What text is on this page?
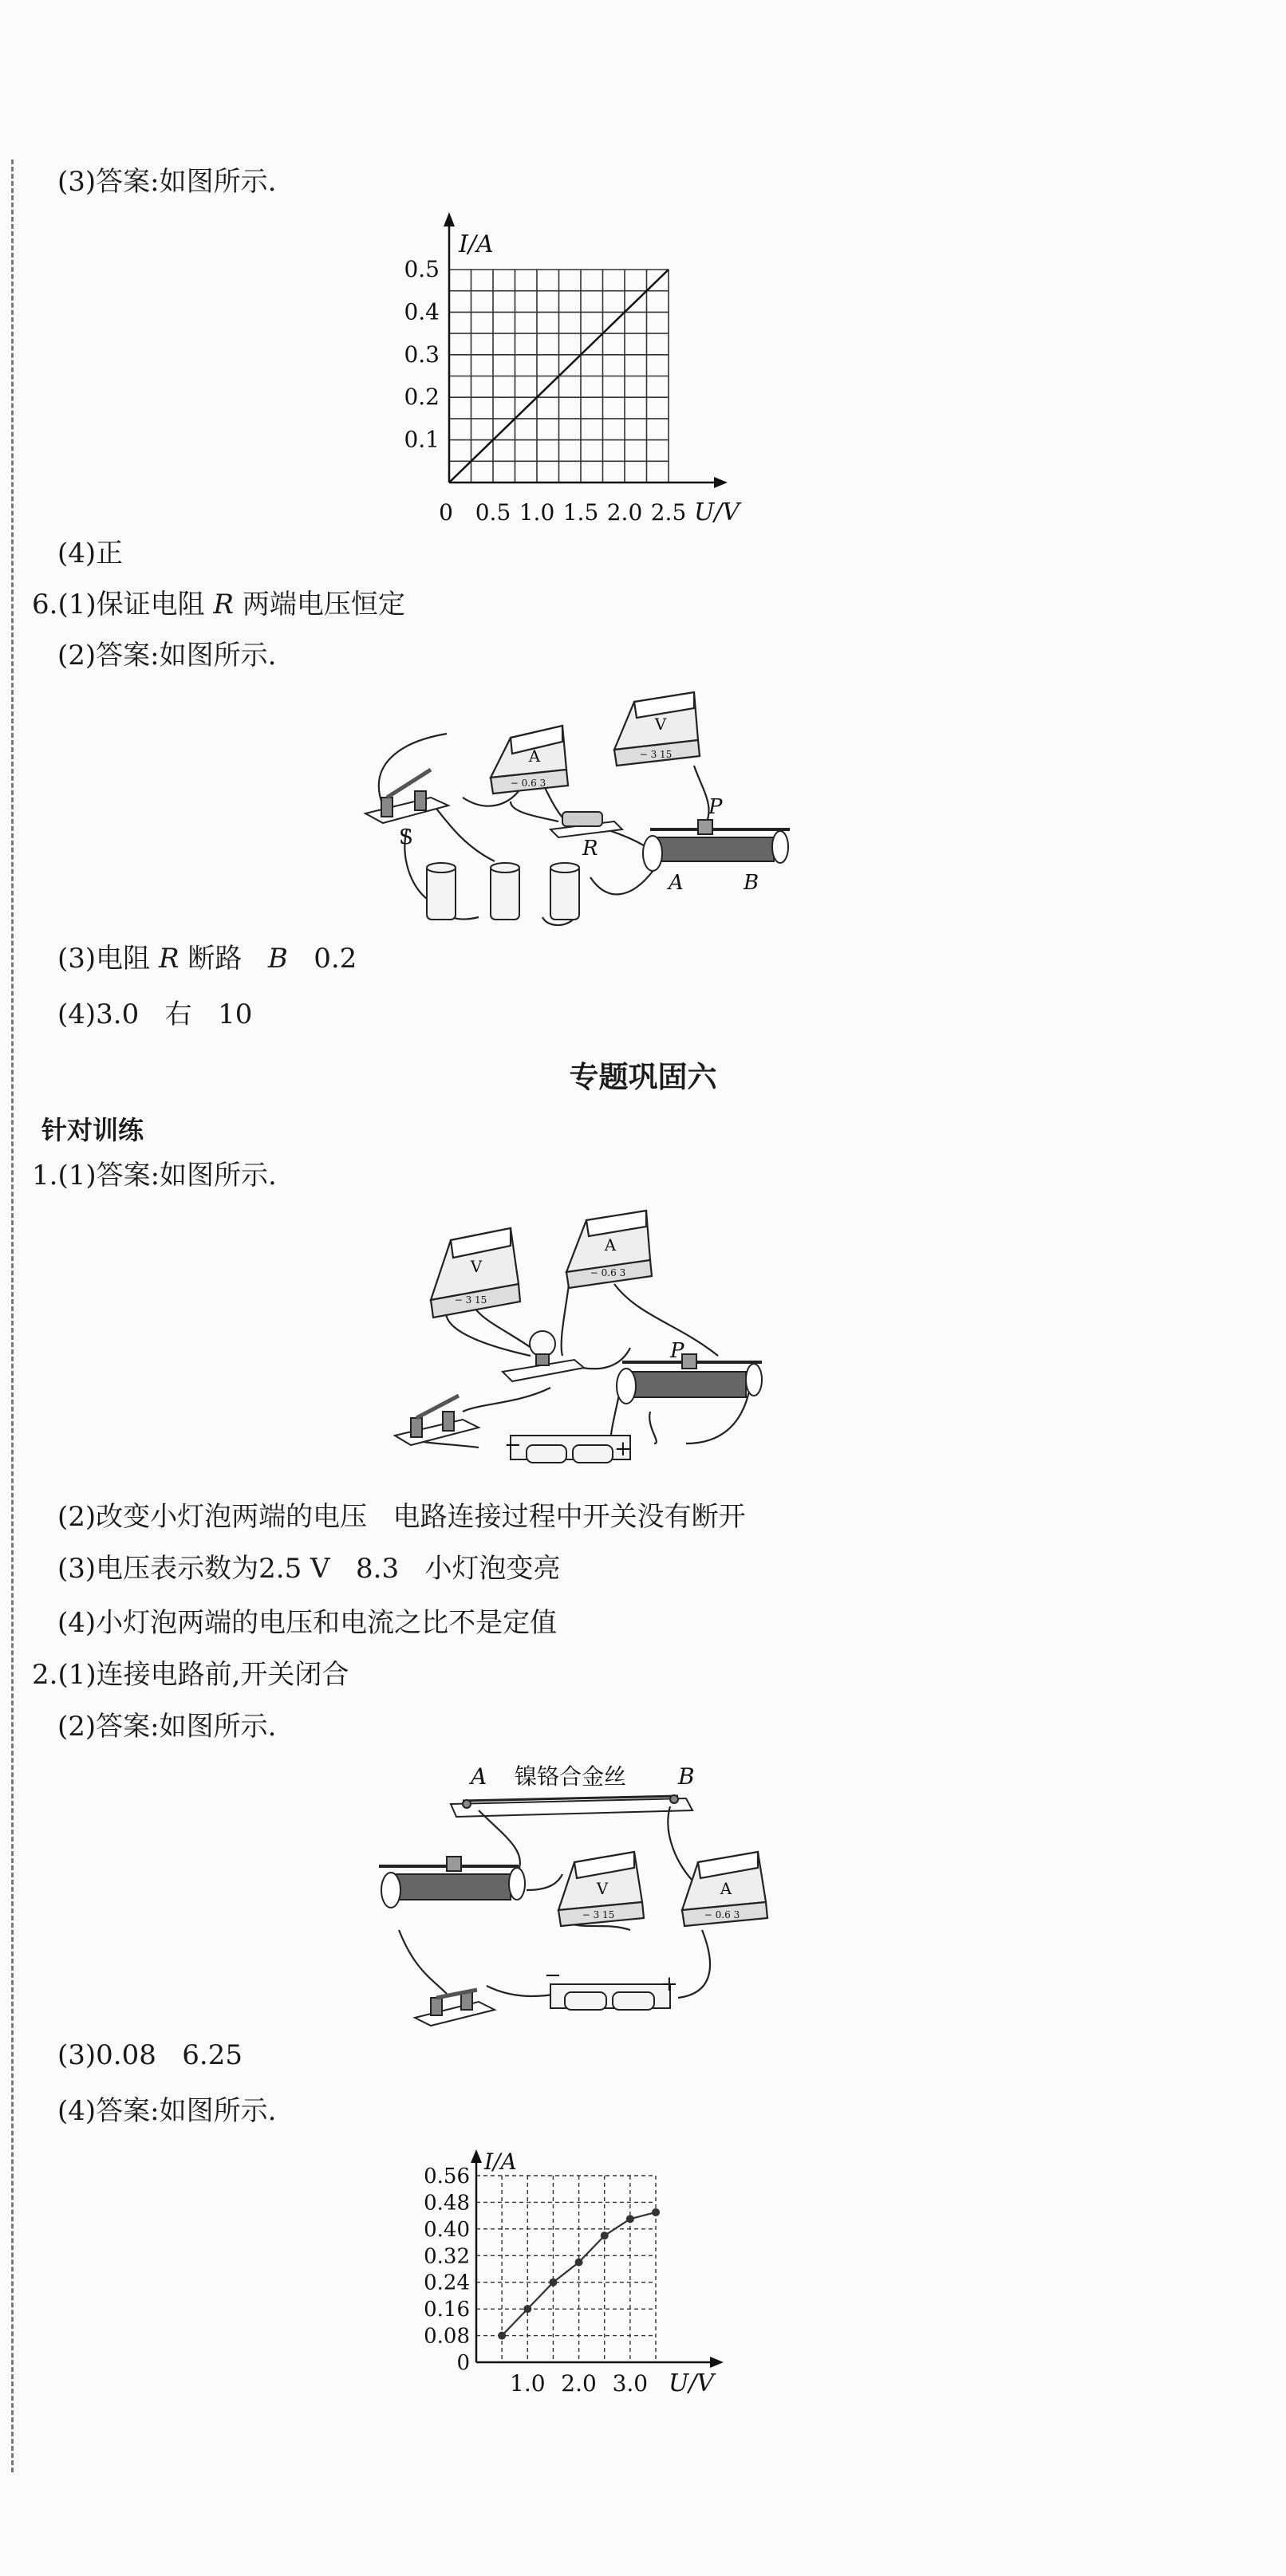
(3)答案:如图所示.
0.1
0.2
0.3
0.4
0.5
0 0.5 1.0 1.5 2.0 2.5
I/A
U/V
(4)正
6.(1)保证电阻 R 两端电压恒定
(2)答案:如图所示.
S
A
− 0.6 3
V
− 3 15
R
P
A	B
(3)电阻 R 断路   B   0.2
(4)3.0   右   10
专题巩固六
针对训练
1.(1)答案:如图所示.
V
− 3 15
A
− 0.6 3
P
−	+
(2)改变小灯泡两端的电压   电路连接过程中开关没有断开
(3)电压表示数为2.5 V   8.3   小灯泡变亮
(4)小灯泡两端的电压和电流之比不是定值
2.(1)连接电路前,开关闭合
(2)答案:如图所示.
A 镍铬合金丝 B
V
− 3 15
A
− 0.6 3
−	+
(3)0.08   6.25
(4)答案:如图所示.
0
0.08
0.16
0.24
0.32
0.40
0.48
0.56
1.0 2.0 3.0
I/A
U/V
